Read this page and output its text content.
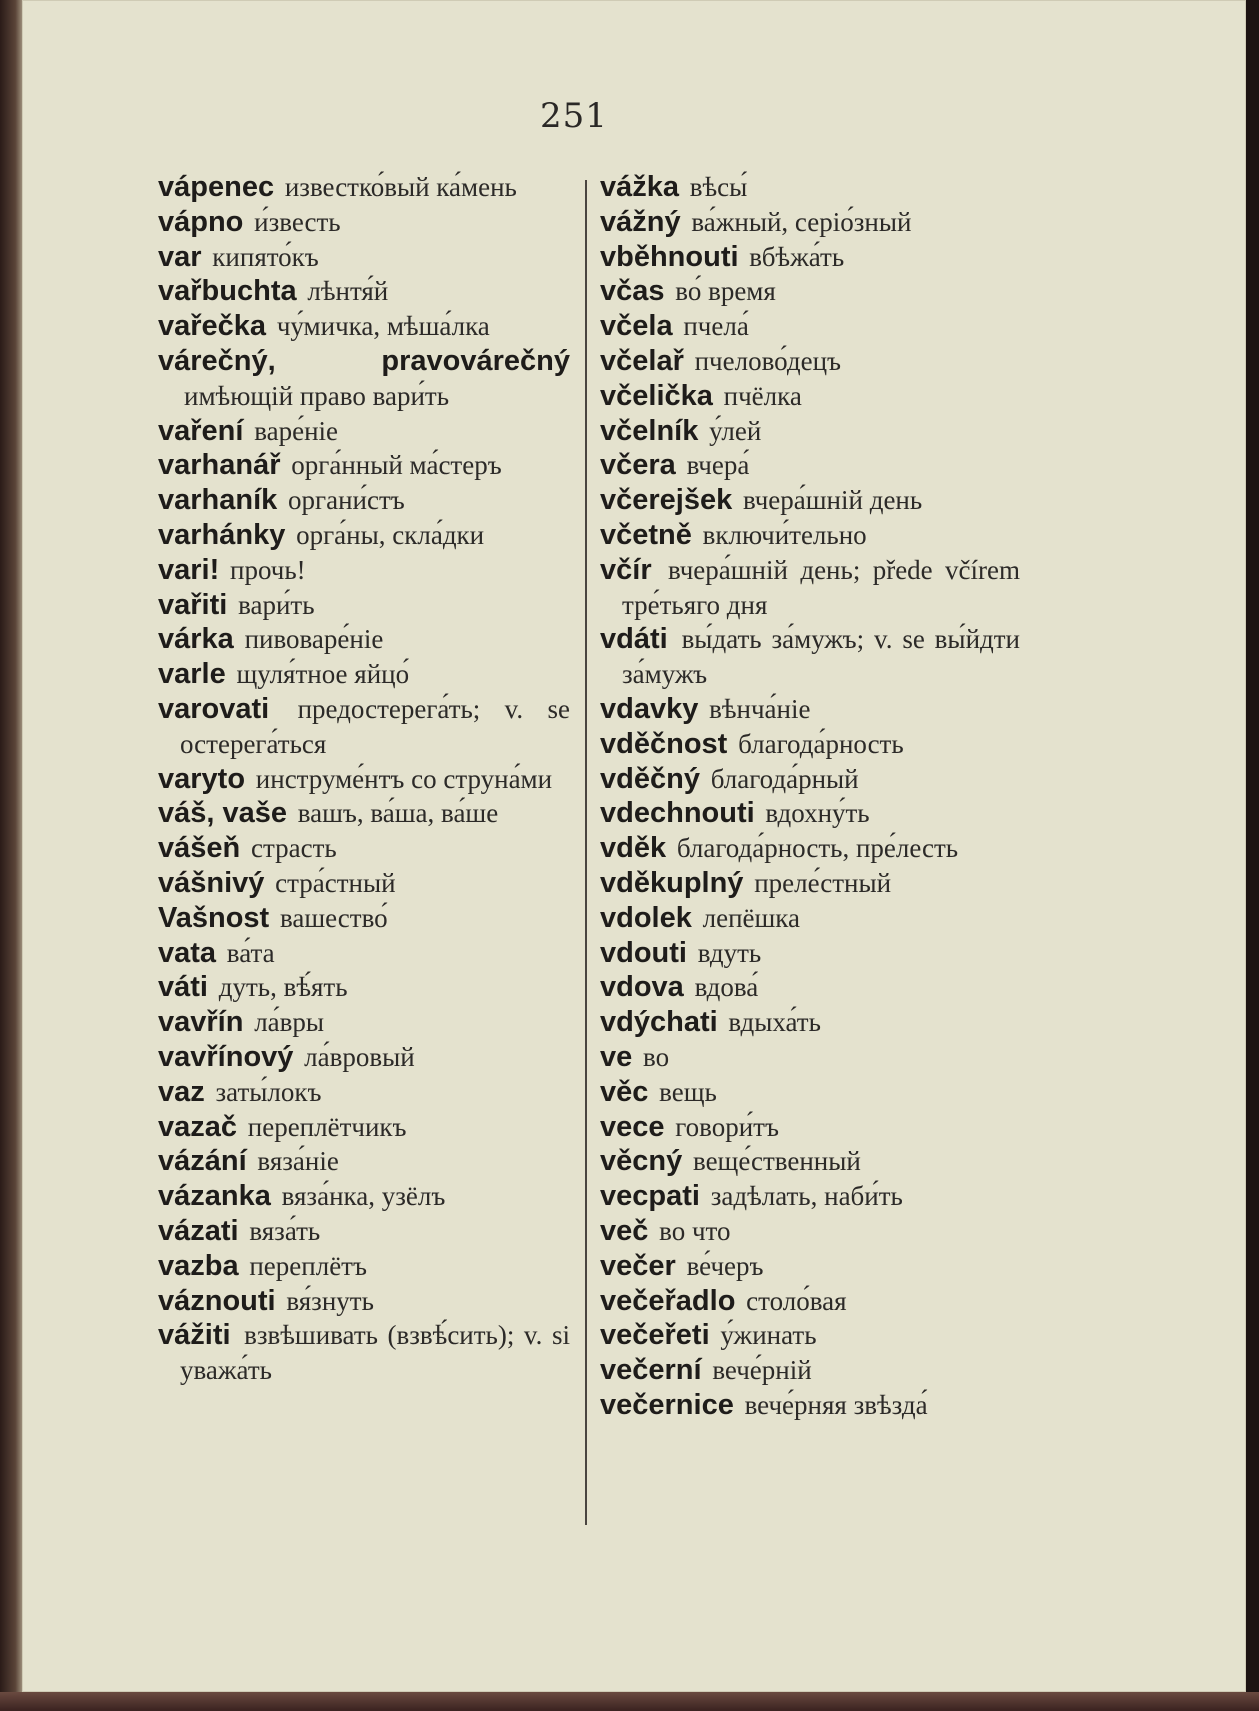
251
vápenec известко́вый ка́мень
vápno и́звесть
var кипято́къ
vařbuchta лѣнтя́й
vařečka чу́мичка, мѣша́лка
várečný, pravovárečný имѣющій право вари́ть
vaření варе́ніе
varhanář орга́нный ма́стеръ
varhaník органи́стъ
varhánky орга́ны, скла́дки
vari! прочь!
vařiti вари́ть
várka пивоваре́ніе
varle щуля́тное яйцо́
varovati предостерега́ть; v. se остерега́ться
varyto инструме́нтъ со струна́ми
váš, vaše вашъ, ва́ша, ва́ше
vášeň страсть
vášnivý стра́стный
Vašnost вашество́
vata ва́та
váti дуть, вѣ́ять
vavřín ла́вры
vavřínový ла́вровый
vaz заты́локъ
vazač переплётчикъ
vázání вяза́ніе
vázanka вяза́нка, узёлъ
vázati вяза́ть
vazba переплётъ
váznouti вя́знуть
vážiti взвѣшивать (взвѣ́сить); v. si уважа́ть
vážka вѣсы́
vážný ва́жный, серіо́зный
vběhnouti вбѣжа́ть
včas во́ время
včela пчела́
včelař пчелово́децъ
včelička пчёлка
včelník у́лей
včera вчера́
včerejšek вчера́шній день
včetně включи́тельно
včír вчера́шній день; přede včírem тре́тьяго дня
vdáti вы́дать за́мужъ; v. se вы́йдти за́мужъ
vdavky вѣнча́ніе
vděčnost благода́рность
vděčný благода́рный
vdechnouti вдохну́ть
vděk благода́рность, пре́лесть
vděkuplný преле́стный
vdolek лепёшка
vdouti вдуть
vdova вдова́
vdýchati вдыха́ть
ve во
věc вещь
vece говори́тъ
věcný веще́ственный
vecpati задѣлать, наби́ть
več во что
večer ве́черъ
večeřadlo столо́вая
večeřeti у́жинать
večerní вече́рній
večernice вече́рняя звѣзда́
